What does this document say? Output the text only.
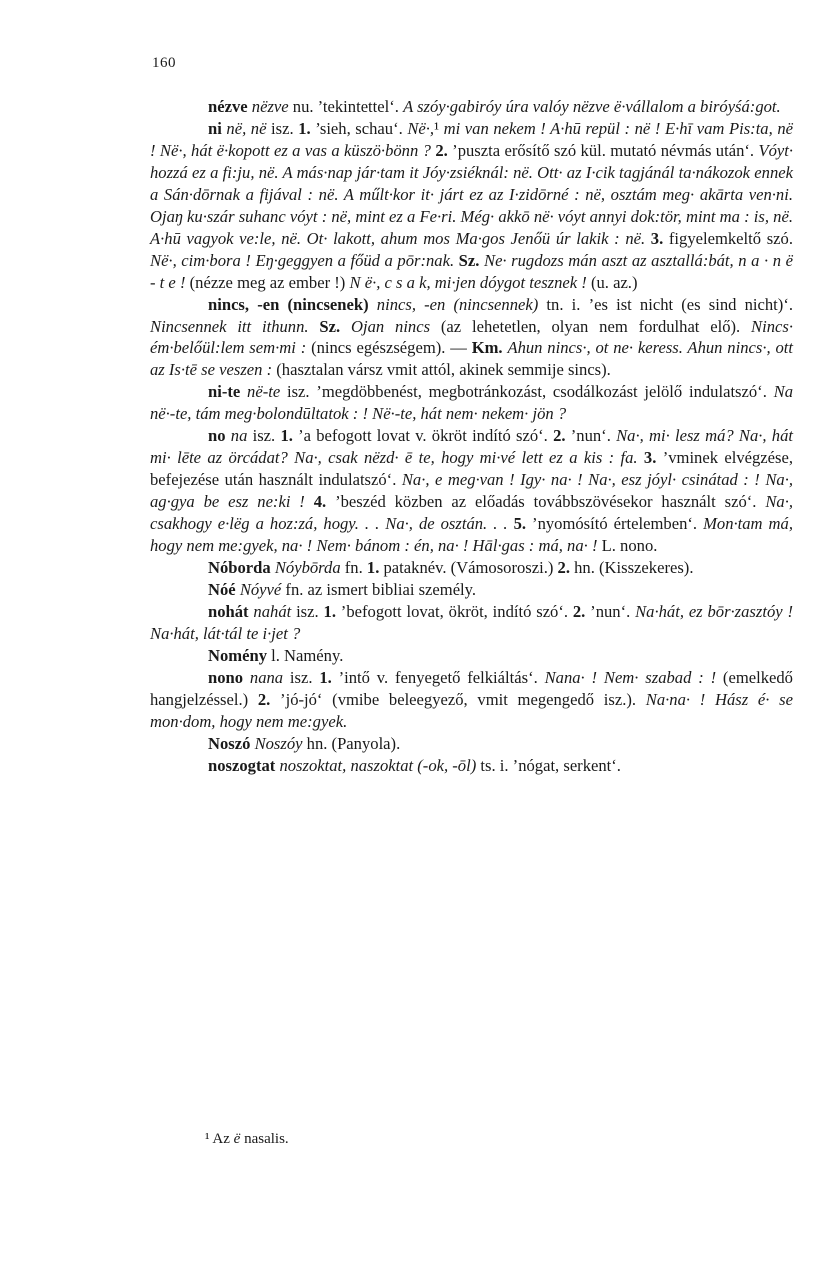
160

nézve nëzve nu. ’tekintettel‘. A szóy·gabiróy úra valóy nëzve ë·vállalom a biróyśá:got.

ni në, në isz. 1. ’sieh, schau‘. Në·,¹ mi van nekem ! A·hū repül : në ! E·hī vam Pis:ta, në ! Në·, hát ë·kopott ez a vas a küszö·bönn ? 2. ’puszta erősítő szó kül. mutató névmás után‘. Vóyt· hozzá ez a fi:ju, në. A más·nap jár·tam it Jóy·zsiéknál: në. Ott· az I·cik tagjánál ta·nákozok ennek a Sán·dōrnak a fijával : në. A műlt·kor it· járt ez az I·zidōrné : në, osztám meg· akārta ven·ni. Ojaŋ ku·szár suhanc vóyt : në, mint ez a Fe·ri. Még· akkō në· vóyt annyi dok:tör, mint ma : is, në. A·hū vagyok ve:le, në. Ot· lakott, ahum mos Ma·gos Jenőü úr lakik : në. 3. figyelemkeltő szó. Në·, cim·bora ! Eŋ·geggyen a főüd a pōr:nak. Sz. Ne· rugdozs mán aszt az asztallá:bát, n a · n ë - t e ! (nézze meg az ember !) N ë·, c s a k, mi·jen dóygot tesznek ! (u. az.)

nincs, -en (nincsenek) nincs, -en (nincsennek) tn. i. ’es ist nicht (es sind nicht)‘. Nincsennek itt ithunn. Sz. Ojan nincs (az lehetetlen, olyan nem fordulhat elő). Nincs· ém·belőül:lem sem·mi : (nincs egészségem). — Km. Ahun nincs·, ot ne· keress. Ahun nincs·, ott az Is·tē se veszen : (hasztalan vársz vmit attól, akinek semmije sincs).

ni-te në-te isz. ’megdöbbenést, megbotránkozást, csodálkozást jelölő indulatszó‘. Na në·-te, tám meg·bolondūltatok : ! Në·-te, hát nem· nekem· jön ?

no na isz. 1. ’a befogott lovat v. ökröt indító szó‘. 2. ’nun‘. Na·, mi· lesz má? Na·, hát mi· lēte az örcádat? Na·, csak nëzd· ē te, hogy mi·vé lett ez a kis : fa. 3. ’vminek elvégzése, befejezése után használt indulatszó‘. Na·, e meg·van ! Igy· na· ! Na·, esz jóyl· csinátad : ! Na·, ag·gya be esz ne:ki ! 4. ’beszéd közben az előadás továbbszövésekor használt szó‘. Na·, csakhogy e·lëg a hoz:zá, hogy. . . Na·, de osztán. . . 5. ’nyomósító értelemben‘. Mon·tam má, hogy nem me:gyek, na· ! Nem· bánom : én, na· ! Hāl·gas : má, na· ! L. nono.

Nóborda Nóybōrda fn. 1. pataknév. (Vámosoroszi.) 2. hn. (Kisszekeres).

Nóé Nóyvé fn. az ismert bibliai személy.

nohát nahát isz. 1. ’befogott lovat, ökröt, indító szó‘. 2. ’nun‘. Na·hát, ez bōr·zasztóy ! Na·hát, lát·tál te i·jet ?

Nomény l. Namény.

nono nana isz. 1. ’intő v. fenyegető felkiáltás‘. Nana· ! Nem· szabad : ! (emelkedő hangjelzéssel.) 2. ’jó-jó‘ (vmibe beleegyező, vmit megengedő isz.). Na·na· ! Hász é· se mon·dom, hogy nem me:gyek.

Noszó Noszóy hn. (Panyola).

noszogtat noszoktat, naszoktat (-ok, -ōl) ts. i. ’nógat, serkent‘.

¹ Az ë nasalis.
